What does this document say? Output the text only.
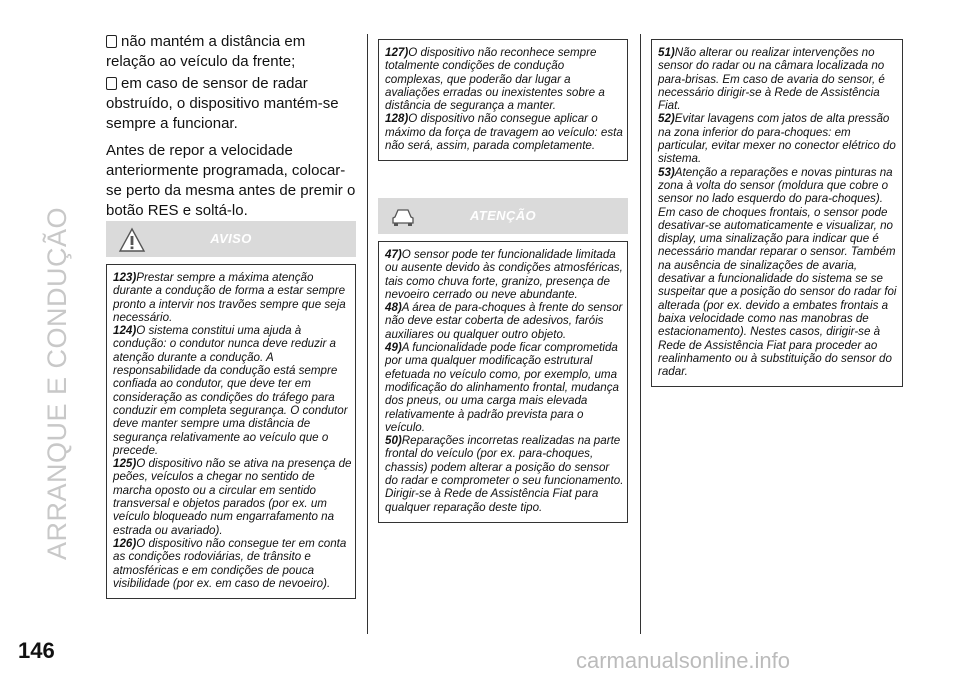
ARRANQUE E CONDUÇÃO
146	carmanualsonline.info

não mantém a distância em relação ao veículo da frente;

em caso de sensor de radar obstruído, o dispositivo mantém-se sempre a funcionar.

Antes de repor a velocidade anteriormente programada, colocar-se perto da mesma antes de premir o botão RES e soltá-lo.

AVISO
123)Prestar sempre a máxima atenção durante a condução de forma a estar sempre pronto a intervir nos travões sempre que seja necessário.
124)O sistema constitui uma ajuda à condução: o condutor nunca deve reduzir a atenção durante a condução. A responsabilidade da condução está sempre confiada ao condutor, que deve ter em consideração as condições do tráfego para conduzir em completa segurança. O condutor deve manter sempre uma distância de segurança relativamente ao veículo que o precede.
125)O dispositivo não se ativa na presença de peões, veículos a chegar no sentido de marcha oposto ou a circular em sentido transversal e objetos parados (por ex. um veículo bloqueado num engarrafamento na estrada ou avariado).
126)O dispositivo não consegue ter em conta as condições rodoviárias, de trânsito e atmosféricas e em condições de pouca visibilidade (por ex. em caso de nevoeiro).
127)O dispositivo não reconhece sempre totalmente condições de condução complexas, que poderão dar lugar a avaliações erradas ou inexistentes sobre a distância de segurança a manter.
128)O dispositivo não consegue aplicar o máximo da força de travagem ao veículo: esta não será, assim, parada completamente.
ATENÇÃO
47)O sensor pode ter funcionalidade limitada ou ausente devido às condições atmosféricas, tais como chuva forte, granizo, presença de nevoeiro cerrado ou neve abundante.
48)A área de para-choques à frente do sensor não deve estar coberta de adesivos, faróis auxiliares ou qualquer outro objeto.
49)A funcionalidade pode ficar comprometida por uma qualquer modificação estrutural efetuada no veículo como, por exemplo, uma modificação do alinhamento frontal, mudança dos pneus, ou uma carga mais elevada relativamente à padrão prevista para o veículo.
50)Reparações incorretas realizadas na parte frontal do veículo (por ex. para-choques, chassis) podem alterar a posição do sensor do radar e comprometer o seu funcionamento. Dirigir-se à Rede de Assistência Fiat para qualquer reparação deste tipo.
51)Não alterar ou realizar intervenções no sensor do radar ou na câmara localizada no para-brisas. Em caso de avaria do sensor, é necessário dirigir-se à Rede de Assistência Fiat.
52)Evitar lavagens com jatos de alta pressão na zona inferior do para-choques: em particular, evitar mexer no conector elétrico do sistema.
53)Atenção a reparações e novas pinturas na zona à volta do sensor (moldura que cobre o sensor no lado esquerdo do para-choques). Em caso de choques frontais, o sensor pode desativar-se automaticamente e visualizar, no display, uma sinalização para indicar que é necessário mandar reparar o sensor. Também na ausência de sinalizações de avaria, desativar a funcionalidade do sistema se se suspeitar que a posição do sensor do radar foi alterada (por ex. devido a embates frontais a baixa velocidade como nas manobras de estacionamento). Nestes casos, dirigir-se à Rede de Assistência Fiat para proceder ao realinhamento ou à substituição do sensor do radar.
